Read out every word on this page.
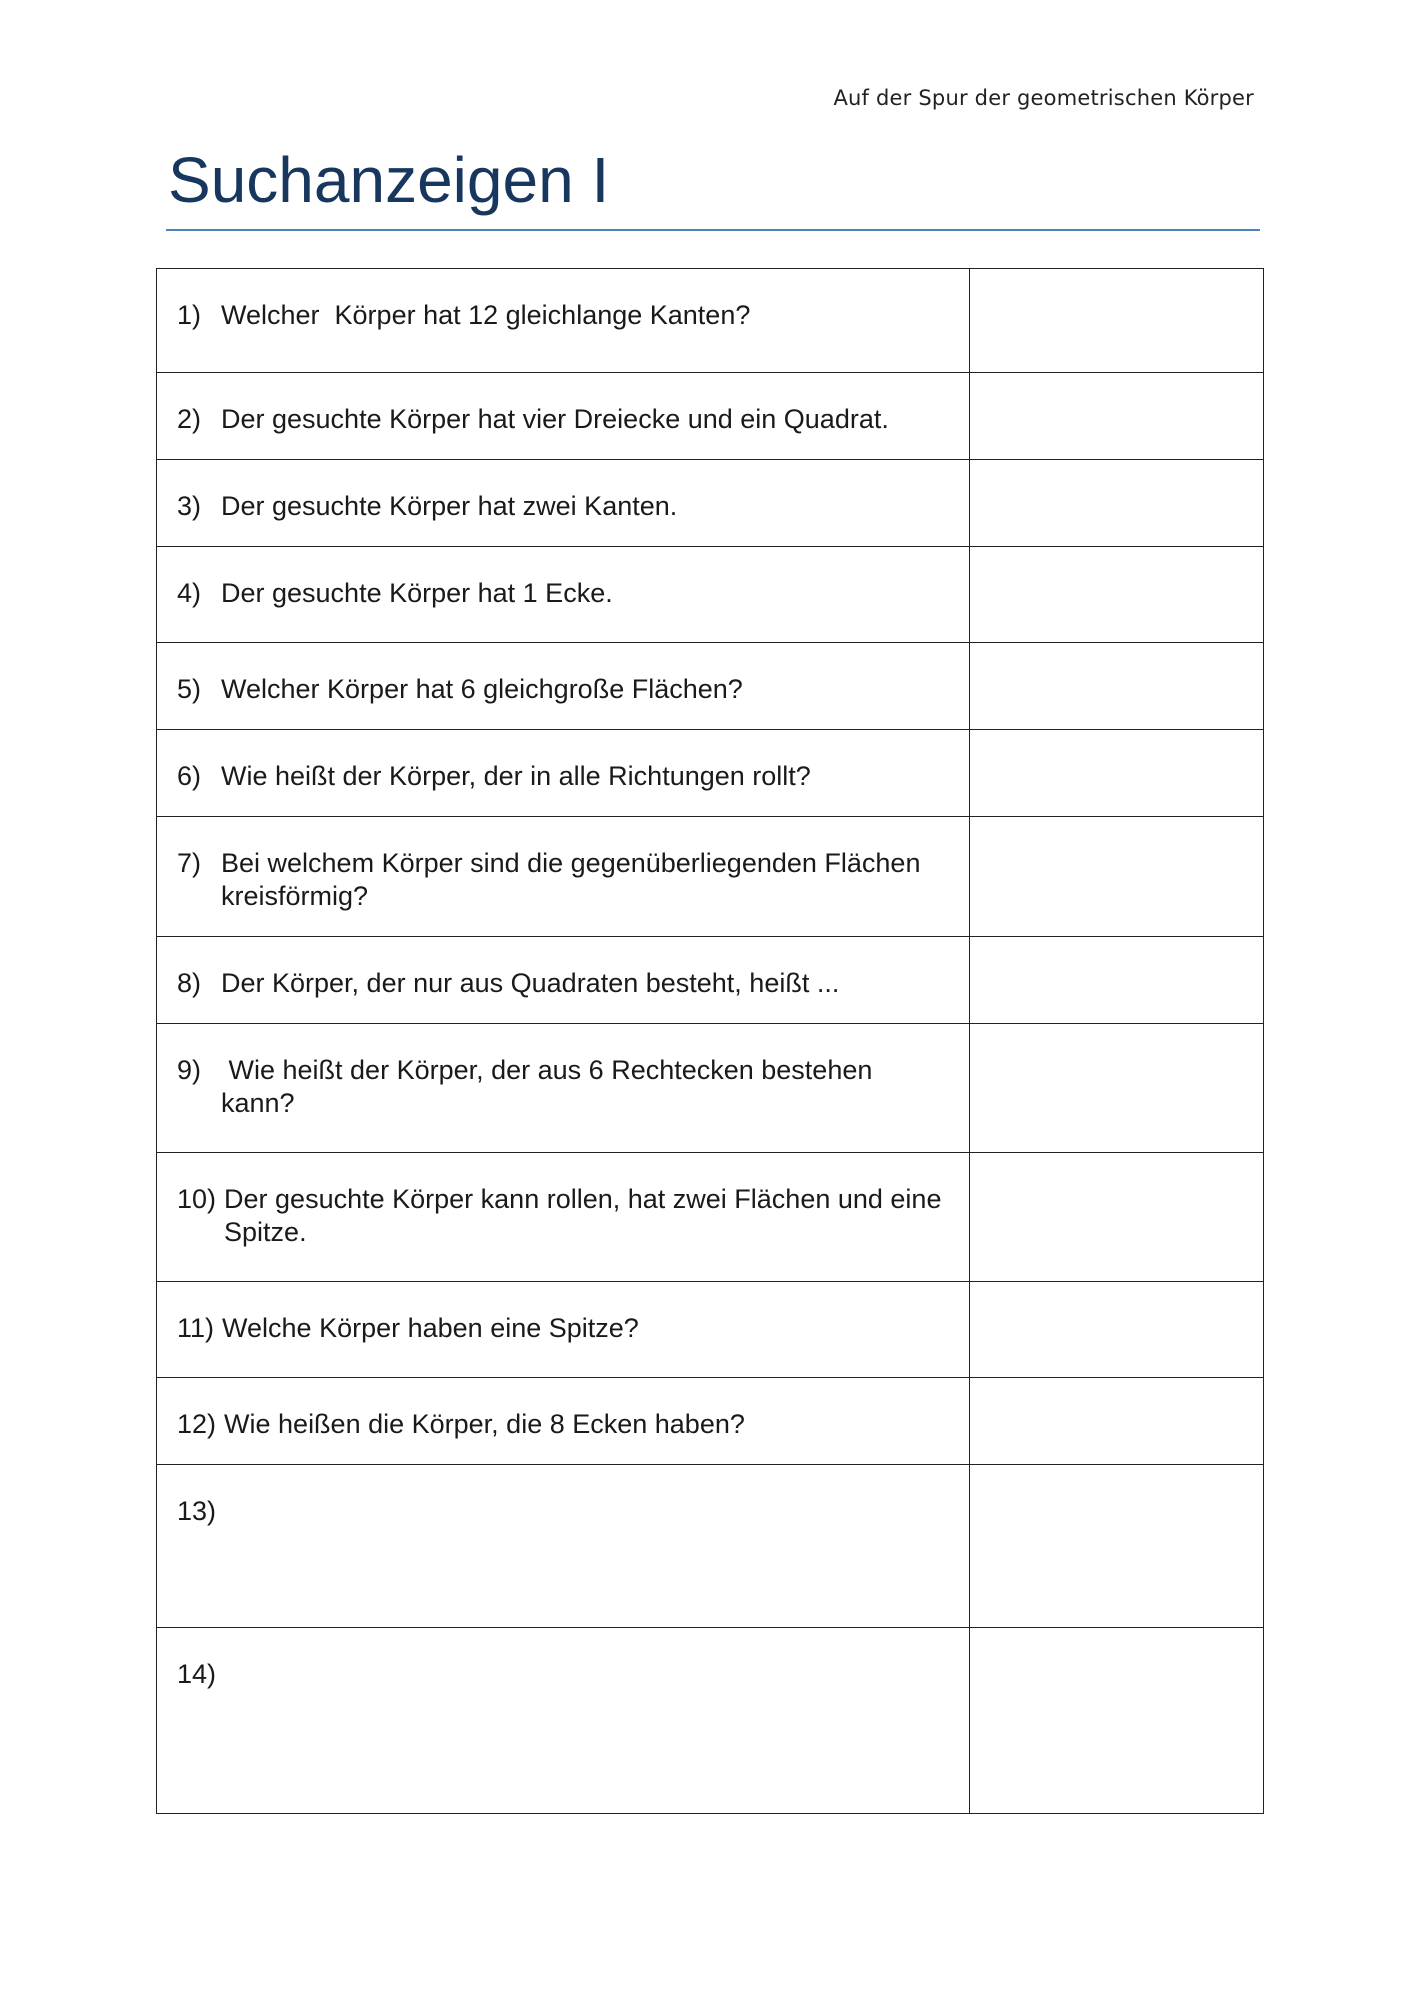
Auf der Spur der geometrischen Körper
Suchanzeigen I
1) Welcher  Körper hat 12 gleichlange Kanten?	

2) Der gesuchte Körper hat vier Dreiecke und ein Quadrat.	

3) Der gesuchte Körper hat zwei Kanten.	

4) Der gesuchte Körper hat 1 Ecke.	

5) Welcher Körper hat 6 gleichgroße Flächen?	

6) Wie heißt der Körper, der in alle Richtungen rollt?	

7) Bei welchem Körper sind die gegenüberliegenden Flächen kreisförmig?	

8) Der Körper, der nur aus Quadraten besteht, heißt ...	

9) Wie heißt der Körper, der aus 6 Rechtecken bestehen kann?	

10) Der gesuchte Körper kann rollen, hat zwei Flächen und eine Spitze.	

11) Welche Körper haben eine Spitze?	

12) Wie heißen die Körper, die 8 Ecken haben?	

13)	

14)	
